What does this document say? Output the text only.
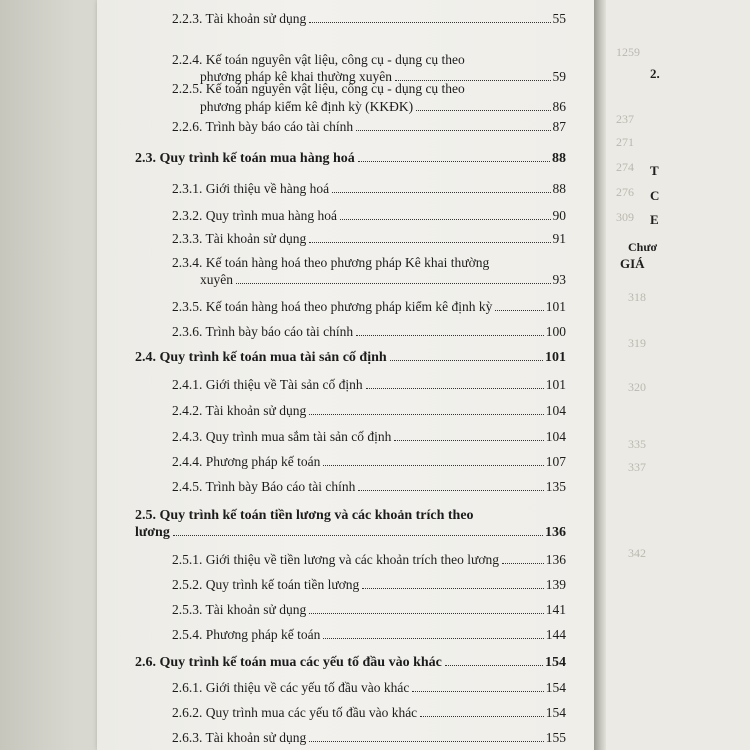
2.2.3. Tài khoản sử dụng	55
2.2.4. Kế toán nguyên vật liệu, công cụ - dụng cụ theo
phương pháp kê khai thường xuyên	59
2.2.5. Kế toán nguyên vật liệu, công cụ - dụng cụ theo
phương pháp kiểm kê định kỳ (KKĐK)	86
2.2.6. Trình bày báo cáo tài chính	87
2.3. Quy trình kế toán mua hàng hoá	88
2.3.1. Giới thiệu về hàng hoá	88
2.3.2. Quy trình mua hàng hoá	90
2.3.3. Tài khoản sử dụng	91
2.3.4. Kế toán hàng hoá theo phương pháp Kê khai thường
xuyên	93
2.3.5. Kế toán hàng hoá theo phương pháp kiểm kê định kỳ	101
2.3.6. Trình bày báo cáo tài chính	100
2.4. Quy trình kế toán mua tài sản cố định	101
2.4.1. Giới thiệu về Tài sản cố định	101
2.4.2. Tài khoản sử dụng	104
2.4.3. Quy trình mua sắm tài sản cố định	104
2.4.4. Phương pháp kế toán	107
2.4.5. Trình bày Báo cáo tài chính	135
2.5. Quy trình kế toán tiền lương và các khoản trích theo
lương	136
2.5.1. Giới thiệu về tiền lương và các khoản trích theo lương	136
2.5.2. Quy trình kế toán tiền lương	139
2.5.3. Tài khoản sử dụng	141
2.5.4. Phương pháp kế toán	144
2.6. Quy trình kế toán mua các yếu tố đầu vào khác	154
2.6.1. Giới thiệu về các yếu tố đầu vào khác	154
2.6.2. Quy trình mua các yếu tố đầu vào khác	154
2.6.3. Tài khoản sử dụng	155
2.
T
C
E
Chươ
GIÁ
1259
237
271
274
276
309
318
319
320
335
337
342
